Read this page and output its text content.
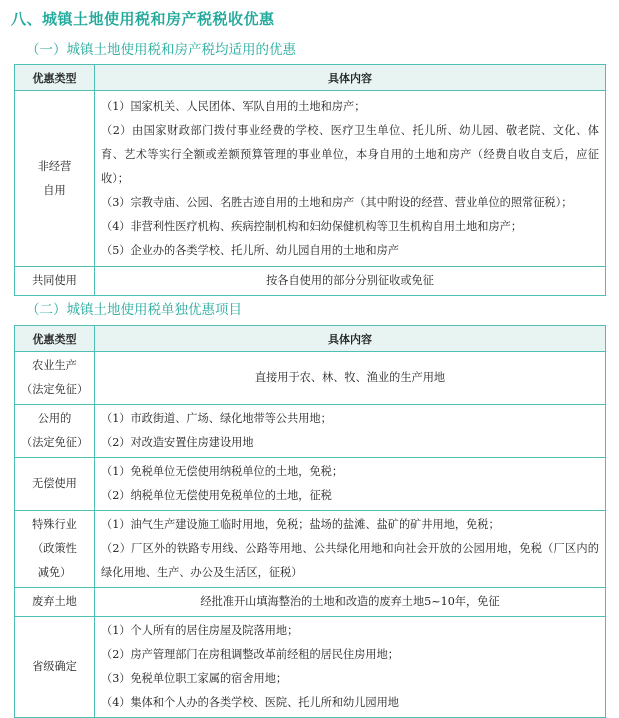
八、城镇土地使用税和房产税税收优惠
（一）城镇土地使用税和房产税均适用的优惠
优惠类型	具体内容

非经营
自用	（1）国家机关、人民团体、军队自用的土地和房产；
（2）由国家财政部门拨付事业经费的学校、医疗卫生单位、托儿所、幼儿园、敬老院、文化、体育、艺术等实行全额或差额预算管理的事业单位，本身自用的土地和房产（经费自收自支后，应征收）；
（3）宗教寺庙、公园、名胜古迹自用的土地和房产（其中附设的经营、营业单位的照常征税）；
（4）非营利性医疗机构、疾病控制机构和妇幼保健机构等卫生机构自用土地和房产；
（5）企业办的各类学校、托儿所、幼儿园自用的土地和房产

共同使用	按各自使用的部分分别征收或免征
（二）城镇土地使用税单独优惠项目
优惠类型	具体内容

农业生产
（法定免征）	直接用于农、林、牧、渔业的生产用地

公用的
（法定免征）	（1）市政街道、广场、绿化地带等公共用地；
（2）对改造安置住房建设用地

无偿使用	（1）免税单位无偿使用纳税单位的土地，免税；
（2）纳税单位无偿使用免税单位的土地，征税

特殊行业
（政策性
减免）	（1）油气生产建设施工临时用地，免税；盐场的盐滩、盐矿的矿井用地，免税；
（2）厂区外的铁路专用线、公路等用地、公共绿化用地和向社会开放的公园用地，免税（厂区内的绿化用地、生产、办公及生活区，征税）

废弃土地	经批准开山填海整治的土地和改造的废弃土地5~10年，免征

省级确定	（1）个人所有的居住房屋及院落用地；
（2）房产管理部门在房租调整改革前经租的居民住房用地；
（3）免税单位职工家属的宿舍用地；
（4）集体和个人办的各类学校、医院、托儿所和幼儿园用地
